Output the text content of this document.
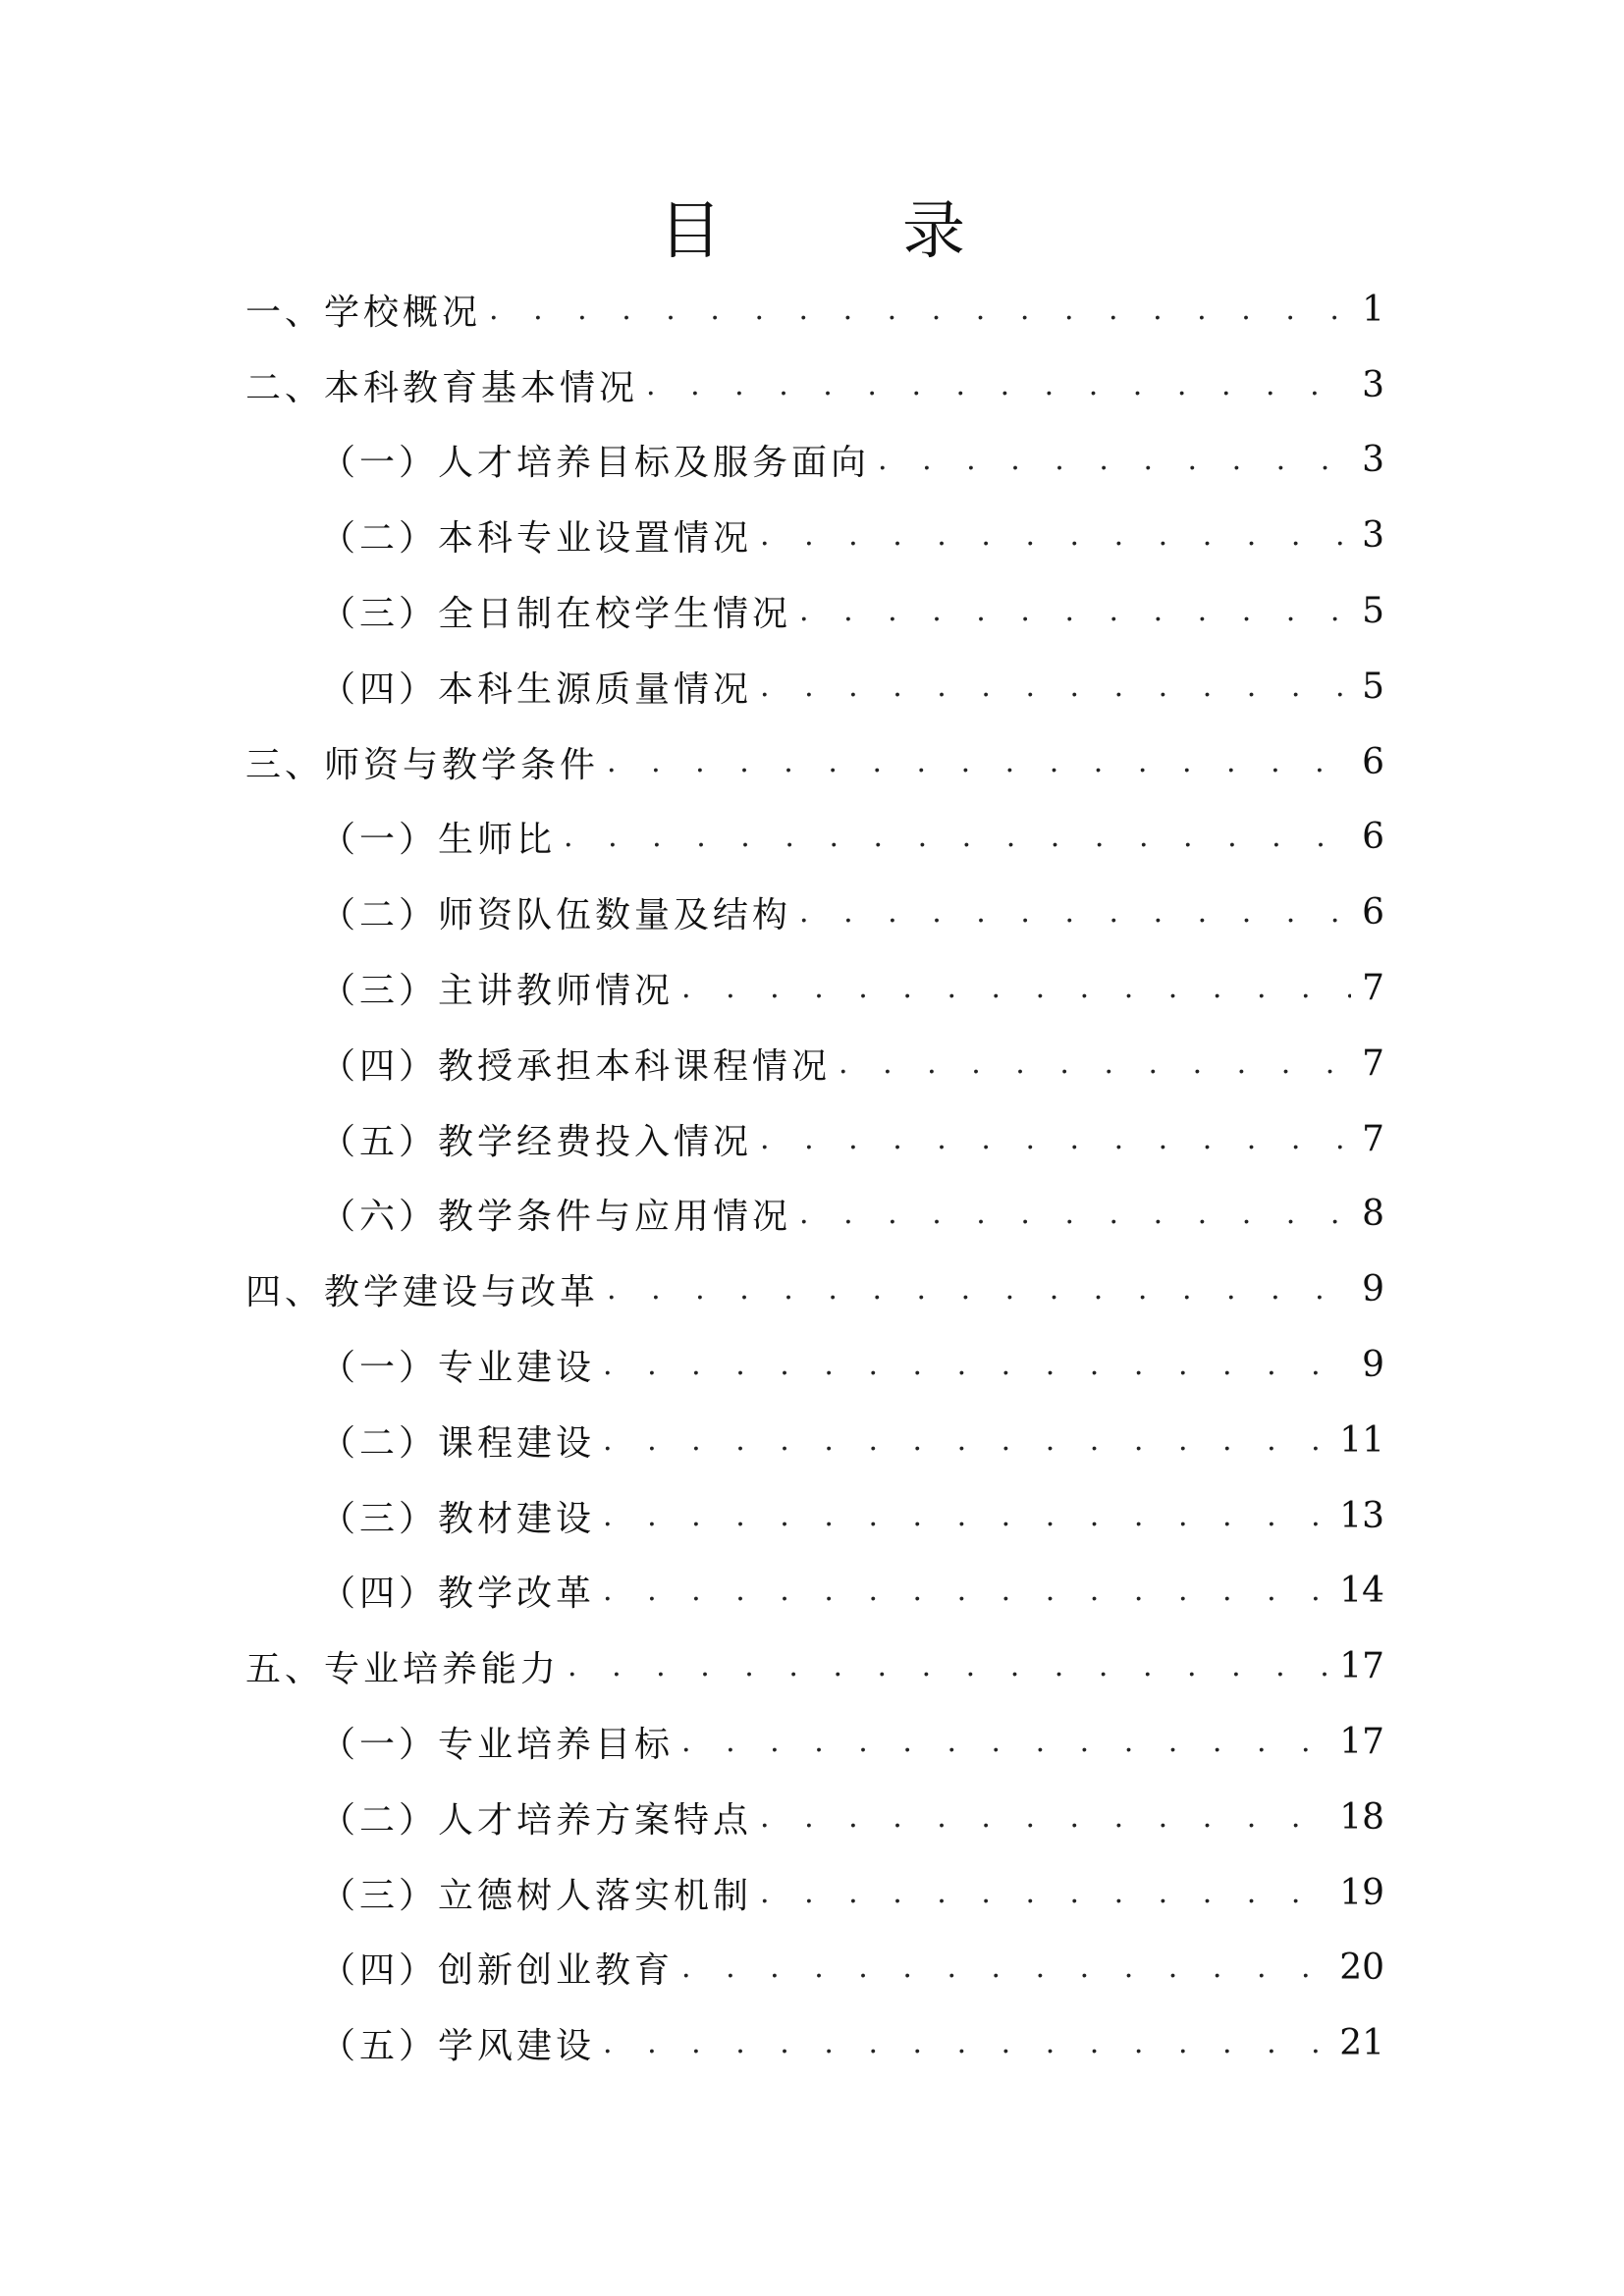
目　录
一、学校概况 . . .	1
二、本科教育基本情况 . . .	3
（一）人才培养目标及服务面向 . . .	3
（二）本科专业设置情况 . . .	3
（三）全日制在校学生情况 . . .	5
（四）本科生源质量情况 . . .	5
三、师资与教学条件 . . .	6
（一）生师比 . . .	6
（二）师资队伍数量及结构 . . .	6
（三）主讲教师情况 . . .	7
（四）教授承担本科课程情况 . . .	7
（五）教学经费投入情况 . . .	7
（六）教学条件与应用情况 . . .	8
四、教学建设与改革 . . .	9
（一）专业建设 . . .	9
（二）课程建设 . . .	11
（三）教材建设 . . .	13
（四）教学改革 . . .	14
五、专业培养能力 . . .	17
（一）专业培养目标 . . .	17
（二）人才培养方案特点 . . .	18
（三）立德树人落实机制 . . .	19
（四）创新创业教育 . . .	20
（五）学风建设 . . .	21
